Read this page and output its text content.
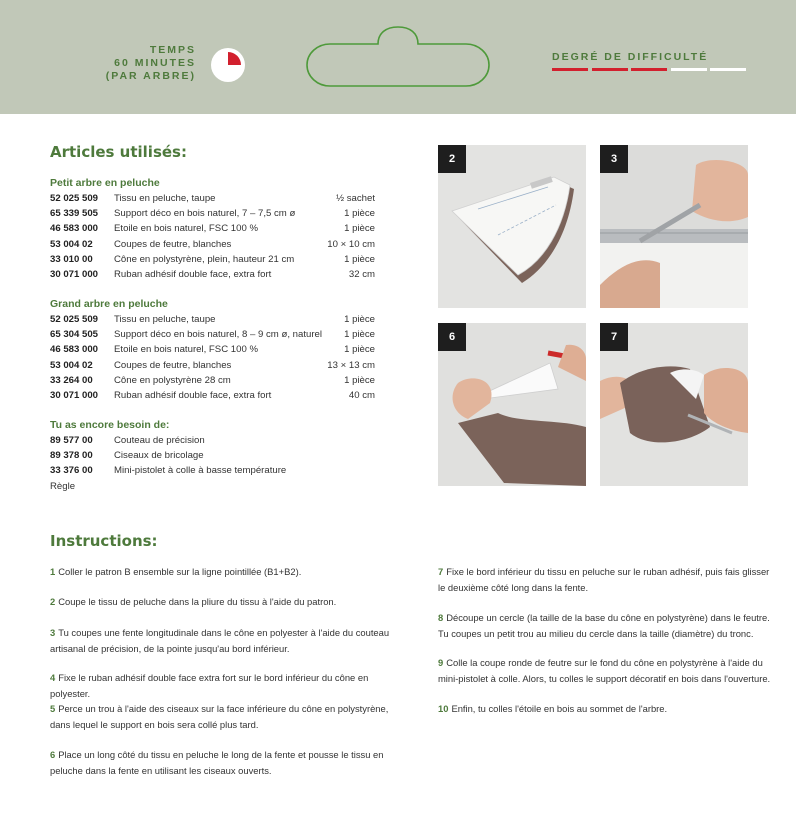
TEMPS
60 MINUTES
(PAR ARBRE)
DEGRÉ DE DIFFICULTÉ
Articles utilisés:
Petit arbre en peluche
52 025 509 Tissu en peluche, taupe	½ sachet
65 339 505 Support déco en bois naturel, 7 – 7,5 cm ø	1 pièce
46 583 000 Etoile en bois naturel, FSC 100 %	1 pièce
53 004 02 Coupes de feutre, blanches	10 × 10 cm
33 010 00 Cône en polystyrène, plein, hauteur 21 cm	1 pièce
30 071 000 Ruban adhésif double face, extra fort	32 cm
Grand arbre en peluche
52 025 509 Tissu en peluche, taupe	1 pièce
65 304 505 Support déco en bois naturel, 8 – 9 cm ø, naturel 1 pièce
46 583 000 Etoile en bois naturel, FSC 100 %	1 pièce
53 004 02 Coupes de feutre, blanches	13 × 13 cm
33 264 00 Cône en polystyrène 28 cm	1 pièce
30 071 000 Ruban adhésif double face, extra fort	40 cm
Tu as encore besoin de:
89 577 00 Couteau de précision
89 378 00 Ciseaux de bricolage
33 376 00 Mini-pistolet à colle à basse température
Règle
2	3
6	7
Instructions:
1 Coller le patron B ensemble sur la ligne pointillée (B1+B2).
2 Coupe le tissu de peluche dans la pliure du tissu à l'aide du patron.
3 Tu coupes une fente longitudinale dans le cône en polyester à l'aide du couteau artisanal de précision, de la pointe jusqu'au bord inférieur.
4 Fixe le ruban adhésif double face extra fort sur le bord inférieur du cône en polyester.
5 Perce un trou à l'aide des ciseaux sur la face inférieure du cône en polystyrène, dans lequel le support en bois sera collé plus tard.
6 Place un long côté du tissu en peluche le long de la fente et pousse le tissu en peluche dans la fente en utilisant les ciseaux ouverts.
7 Fixe le bord inférieur du tissu en peluche sur le ruban adhésif, puis fais glisser le deuxième côté long dans la fente.
8 Découpe un cercle (la taille de la base du cône en polystyrène) dans le feutre. Tu coupes un petit trou au milieu du cercle dans la taille (diamètre) du tronc.
9 Colle la coupe ronde de feutre sur le fond du cône en polystyrène à l'aide du mini-pistolet à colle. Alors, tu colles le support décoratif en bois dans l'ouverture.
10 Enfin, tu colles l'étoile en bois au sommet de l'arbre.
